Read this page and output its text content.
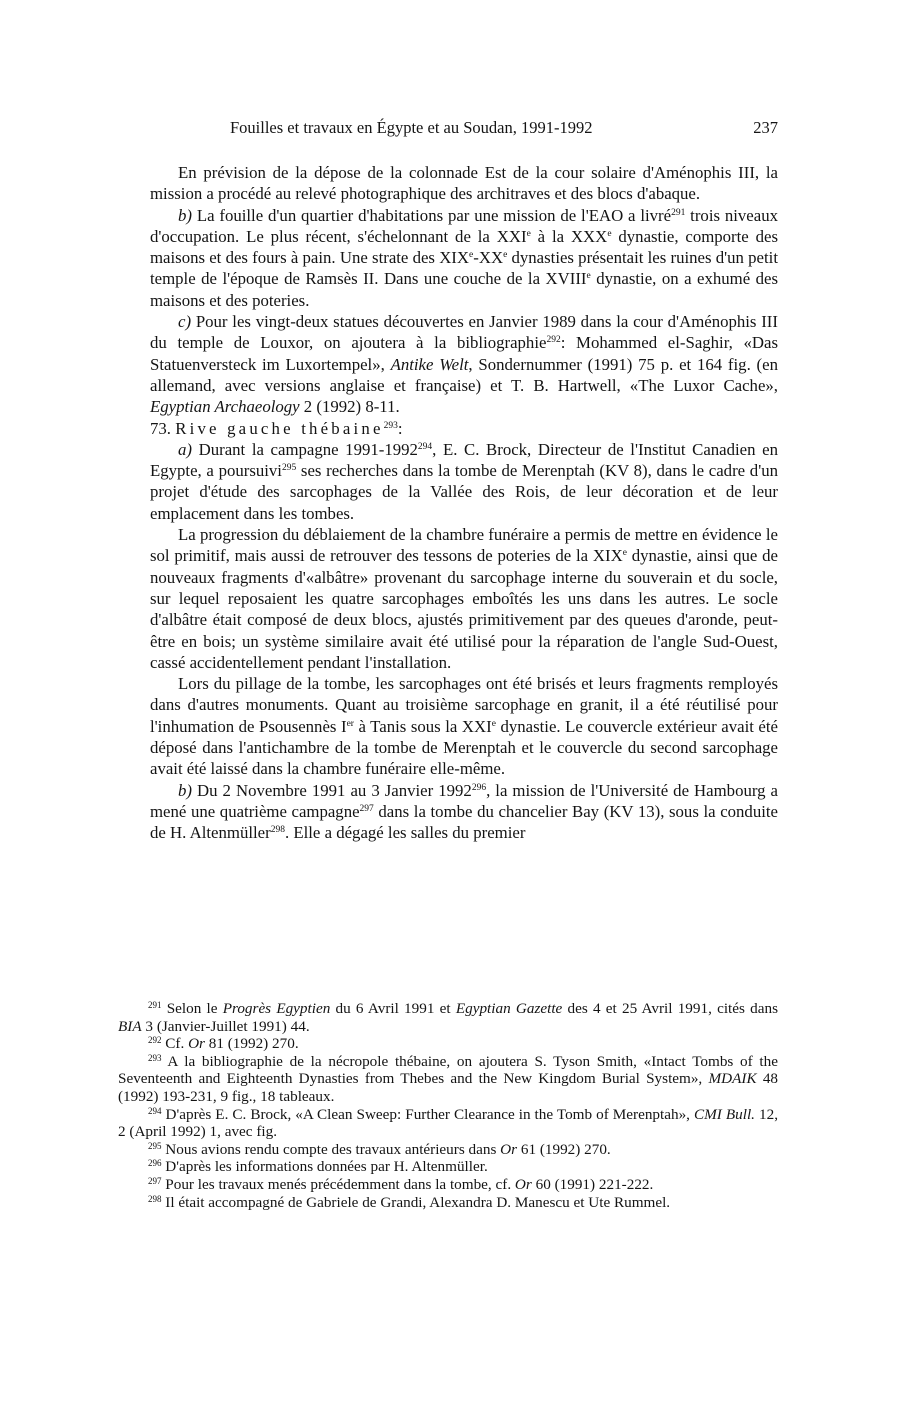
Fouilles et travaux en Égypte et au Soudan, 1991-1992	237

En prévision de la dépose de la colonnade Est de la cour solaire d'Aménophis III, la mission a procédé au relevé photographique des architraves et des blocs d'abaque.

b) La fouille d'un quartier d'habitations par une mission de l'EAO a livré$^{291}$ trois niveaux d'occupation. Le plus récent, s'échelonnant de la XXIe à la XXXe dynastie, comporte des maisons et des fours à pain. Une strate des XIXe-XXe dynasties présentait les ruines d'un petit temple de l'époque de Ramsès II. Dans une couche de la XVIIIe dynastie, on a exhumé des maisons et des poteries.

c) Pour les vingt-deux statues découvertes en Janvier 1989 dans la cour d'Aménophis III du temple de Louxor, on ajoutera à la bibliographie$^{292}$: Mohammed el-Saghir, «Das Statuenversteck im Luxortempel», Antike Welt, Sondernummer (1991) 75 p. et 164 fig. (en allemand, avec versions anglaise et française) et T. B. Hartwell, «The Luxor Cache», Egyptian Archaeology 2 (1992) 8-11.

73. Rive gauche thébaine$^{293}$:

a) Durant la campagne 1991-1992$^{294}$, E. C. Brock, Directeur de l'Institut Canadien en Egypte, a poursuivi$^{295}$ ses recherches dans la tombe de Merenptah (KV 8), dans le cadre d'un projet d'étude des sarcophages de la Vallée des Rois, de leur décoration et de leur emplacement dans les tombes.

La progression du déblaiement de la chambre funéraire a permis de mettre en évidence le sol primitif, mais aussi de retrouver des tessons de poteries de la XIXe dynastie, ainsi que de nouveaux fragments d'«albâtre» provenant du sarcophage interne du souverain et du socle, sur lequel reposaient les quatre sarcophages emboîtés les uns dans les autres. Le socle d'albâtre était composé de deux blocs, ajustés primitivement par des queues d'aronde, peut-être en bois; un système similaire avait été utilisé pour la réparation de l'angle Sud-Ouest, cassé accidentellement pendant l'installation.

Lors du pillage de la tombe, les sarcophages ont été brisés et leurs fragments remployés dans d'autres monuments. Quant au troisième sarcophage en granit, il a été réutilisé pour l'inhumation de Psousennès Ier à Tanis sous la XXIe dynastie. Le couvercle extérieur avait été déposé dans l'antichambre de la tombe de Merenptah et le couvercle du second sarcophage avait été laissé dans la chambre funéraire elle-même.

b) Du 2 Novembre 1991 au 3 Janvier 1992$^{296}$, la mission de l'Université de Hambourg a mené une quatrième campagne$^{297}$ dans la tombe du chancelier Bay (KV 13), sous la conduite de H. Altenmüller$^{298}$. Elle a dégagé les salles du premier

$^{291}$ Selon le Progrès Egyptien du 6 Avril 1991 et Egyptian Gazette des 4 et 25 Avril 1991, cités dans BIA 3 (Janvier-Juillet 1991) 44.

$^{292}$ Cf. Or 81 (1992) 270.

$^{293}$ A la bibliographie de la nécropole thébaine, on ajoutera S. Tyson Smith, «Intact Tombs of the Seventeenth and Eighteenth Dynasties from Thebes and the New Kingdom Burial System», MDAIK 48 (1992) 193-231, 9 fig., 18 tableaux.

$^{294}$ D'après E. C. Brock, «A Clean Sweep: Further Clearance in the Tomb of Merenptah», CMI Bull. 12, 2 (April 1992) 1, avec fig.

$^{295}$ Nous avions rendu compte des travaux antérieurs dans Or 61 (1992) 270.

$^{296}$ D'après les informations données par H. Altenmüller.

$^{297}$ Pour les travaux menés précédemment dans la tombe, cf. Or 60 (1991) 221-222.

$^{298}$ Il était accompagné de Gabriele de Grandi, Alexandra D. Manescu et Ute Rummel.
